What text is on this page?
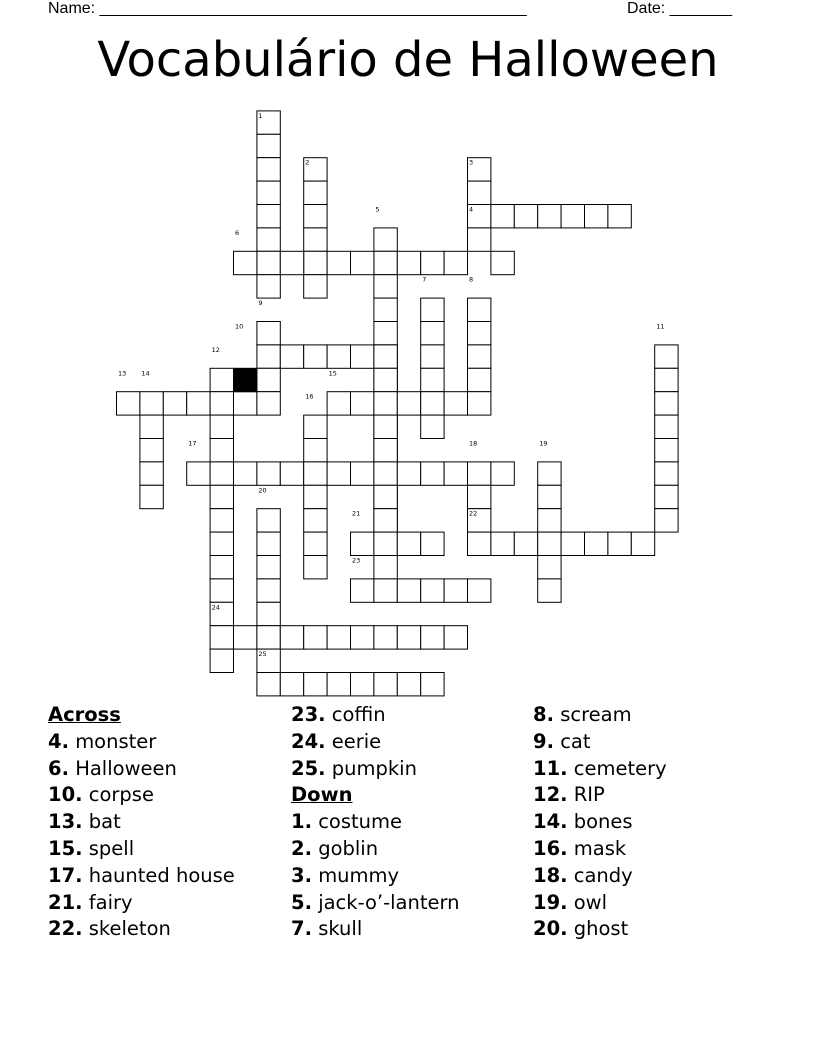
Name: ________________________________________________	Date: _______
Vocabulário de Halloween
1
2	3
4
5
6
7	8
9
10	11
12
13 14	15
16
17	18	19
20
21	22
23
24
25
Across
4. monster
6. Halloween
10. corpse
13. bat
15. spell
17. haunted house
21. fairy
22. skeleton
23. coffin
24. eerie
25. pumpkin
Down
1. costume
2. goblin
3. mummy
5. jack-o’-lantern
7. skull
8. scream
9. cat
11. cemetery
12. RIP
14. bones
16. mask
18. candy
19. owl
20. ghost
